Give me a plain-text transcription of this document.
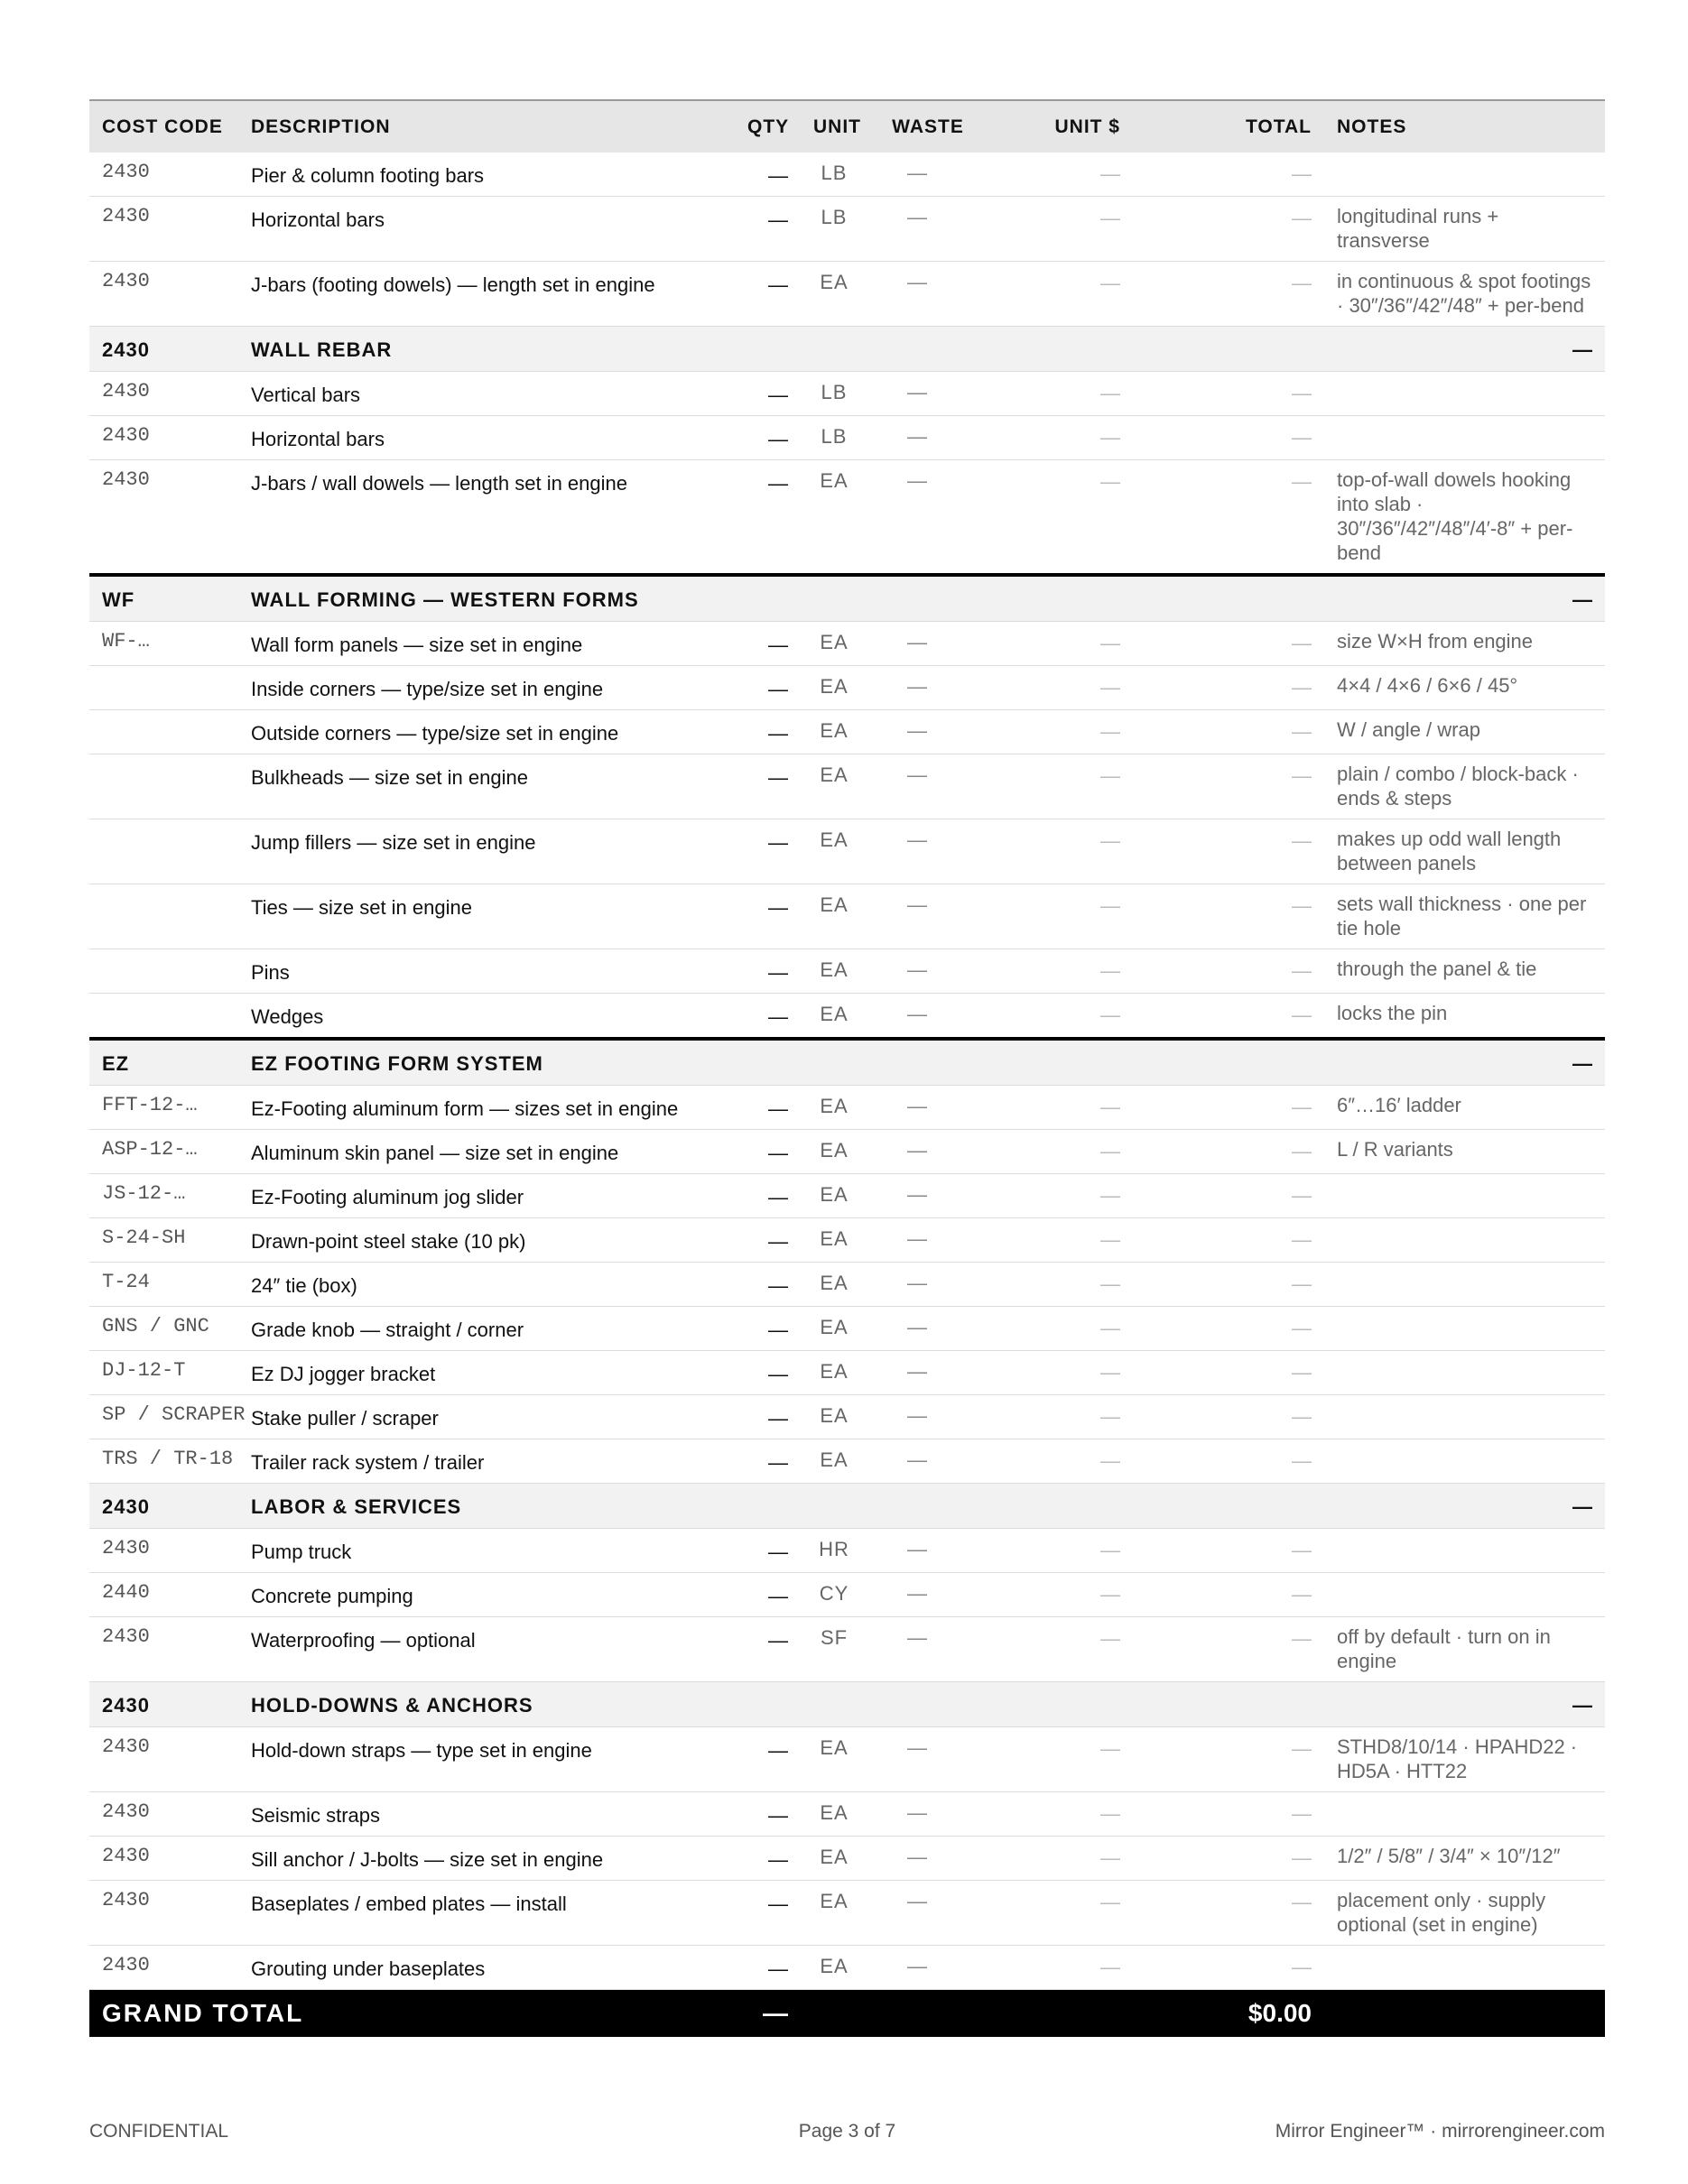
COST CODE	DESCRIPTION	QTY	UNIT	WASTE	UNIT $	TOTAL	NOTES
2430	Pier & column footing bars	—	LB	—	—	—	
2430	Horizontal bars	—	LB	—	—	—	longitudinal runs + transverse
2430	J-bars (footing dowels) — length set in engine	—	EA	—	—	—	in continuous & spot footings · 30″/36″/42″/48″ + per-bend
2430	WALL REBAR						—
2430	Vertical bars	—	LB	—	—	—	
2430	Horizontal bars	—	LB	—	—	—	
2430	J-bars / wall dowels — length set in engine	—	EA	—	—	—	top-of-wall dowels hooking into slab · 30″/36″/42″/48″/4′-8″ + per-bend
WF	WALL FORMING — WESTERN FORMS						—
WF-…	Wall form panels — size set in engine	—	EA	—	—	—	size W×H from engine
	Inside corners — type/size set in engine	—	EA	—	—	—	4×4 / 4×6 / 6×6 / 45°
	Outside corners — type/size set in engine	—	EA	—	—	—	W / angle / wrap
	Bulkheads — size set in engine	—	EA	—	—	—	plain / combo / block-back · ends & steps
	Jump fillers — size set in engine	—	EA	—	—	—	makes up odd wall length between panels
	Ties — size set in engine	—	EA	—	—	—	sets wall thickness · one per tie hole
	Pins	—	EA	—	—	—	through the panel & tie
	Wedges	—	EA	—	—	—	locks the pin
EZ	EZ FOOTING FORM SYSTEM						—
FFT-12-…	Ez-Footing aluminum form — sizes set in engine	—	EA	—	—	—	6″…16′ ladder
ASP-12-…	Aluminum skin panel — size set in engine	—	EA	—	—	—	L / R variants
JS-12-…	Ez-Footing aluminum jog slider	—	EA	—	—	—	
S-24-SH	Drawn-point steel stake (10 pk)	—	EA	—	—	—	
T-24	24″ tie (box)	—	EA	—	—	—	
GNS / GNC	Grade knob — straight / corner	—	EA	—	—	—	
DJ-12-T	Ez DJ jogger bracket	—	EA	—	—	—	
SP / SCRAPER	Stake puller / scraper	—	EA	—	—	—	
TRS / TR-18	Trailer rack system / trailer	—	EA	—	—	—	
2430	LABOR & SERVICES						—
2430	Pump truck	—	HR	—	—	—	
2440	Concrete pumping	—	CY	—	—	—	
2430	Waterproofing — optional	—	SF	—	—	—	off by default · turn on in engine
2430	HOLD-DOWNS & ANCHORS						—
2430	Hold-down straps — type set in engine	—	EA	—	—	—	STHD8/10/14 · HPAHD22 · HD5A · HTT22
2430	Seismic straps	—	EA	—	—	—	
2430	Sill anchor / J-bolts — size set in engine	—	EA	—	—	—	1/2″ / 5/8″ / 3/4″ × 10″/12″
2430	Baseplates / embed plates — install	—	EA	—	—	—	placement only · supply optional (set in engine)
2430	Grouting under baseplates	—	EA	—	—	—	
GRAND TOTAL		—				$0.00	
CONFIDENTIAL	Page 3 of 7	Mirror Engineer™ · mirrorengineer.com
